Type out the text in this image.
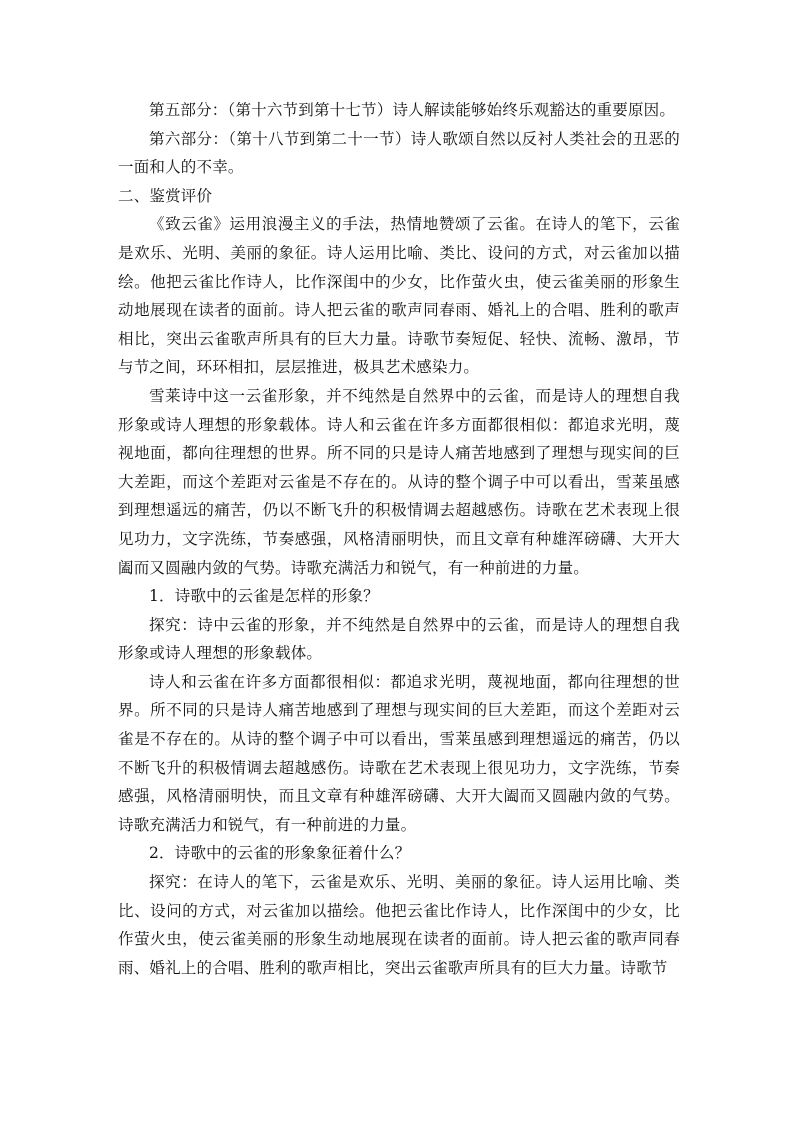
第五部分：（第十六节到第十七节）诗人解读能够始终乐观豁达的重要原因。

第六部分：（第十八节到第二十一节）诗人歌颂自然以反衬人类社会的丑恶的一面和人的不幸。

二、鉴赏评价

《致云雀》运用浪漫主义的手法，热情地赞颂了云雀。在诗人的笔下，云雀是欢乐、光明、美丽的象征。诗人运用比喻、类比、设问的方式，对云雀加以描绘。他把云雀比作诗人，比作深闺中的少女，比作萤火虫，使云雀美丽的形象生动地展现在读者的面前。诗人把云雀的歌声同春雨、婚礼上的合唱、胜利的歌声相比，突出云雀歌声所具有的巨大力量。诗歌节奏短促、轻快、流畅、激昂，节与节之间，环环相扣，层层推进，极具艺术感染力。

雪莱诗中这一云雀形象，并不纯然是自然界中的云雀，而是诗人的理想自我形象或诗人理想的形象载体。诗人和云雀在许多方面都很相似：都追求光明，蔑视地面，都向往理想的世界。所不同的只是诗人痛苦地感到了理想与现实间的巨大差距，而这个差距对云雀是不存在的。从诗的整个调子中可以看出，雪莱虽感到理想遥远的痛苦，仍以不断飞升的积极情调去超越感伤。诗歌在艺术表现上很见功力，文字洗练，节奏感强，风格清丽明快，而且文章有种雄浑磅礴、大开大阖而又圆融内敛的气势。诗歌充满活力和锐气，有一种前进的力量。

1．诗歌中的云雀是怎样的形象？

探究：诗中云雀的形象，并不纯然是自然界中的云雀，而是诗人的理想自我形象或诗人理想的形象载体。

诗人和云雀在许多方面都很相似：都追求光明，蔑视地面，都向往理想的世界。所不同的只是诗人痛苦地感到了理想与现实间的巨大差距，而这个差距对云雀是不存在的。从诗的整个调子中可以看出，雪莱虽感到理想遥远的痛苦，仍以不断飞升的积极情调去超越感伤。诗歌在艺术表现上很见功力，文字洗练，节奏感强，风格清丽明快，而且文章有种雄浑磅礴、大开大阖而又圆融内敛的气势。诗歌充满活力和锐气，有一种前进的力量。

2．诗歌中的云雀的形象象征着什么？

探究：在诗人的笔下，云雀是欢乐、光明、美丽的象征。诗人运用比喻、类比、设问的方式，对云雀加以描绘。他把云雀比作诗人，比作深闺中的少女，比作萤火虫，使云雀美丽的形象生动地展现在读者的面前。诗人把云雀的歌声同春雨、婚礼上的合唱、胜利的歌声相比，突出云雀歌声所具有的巨大力量。诗歌节
